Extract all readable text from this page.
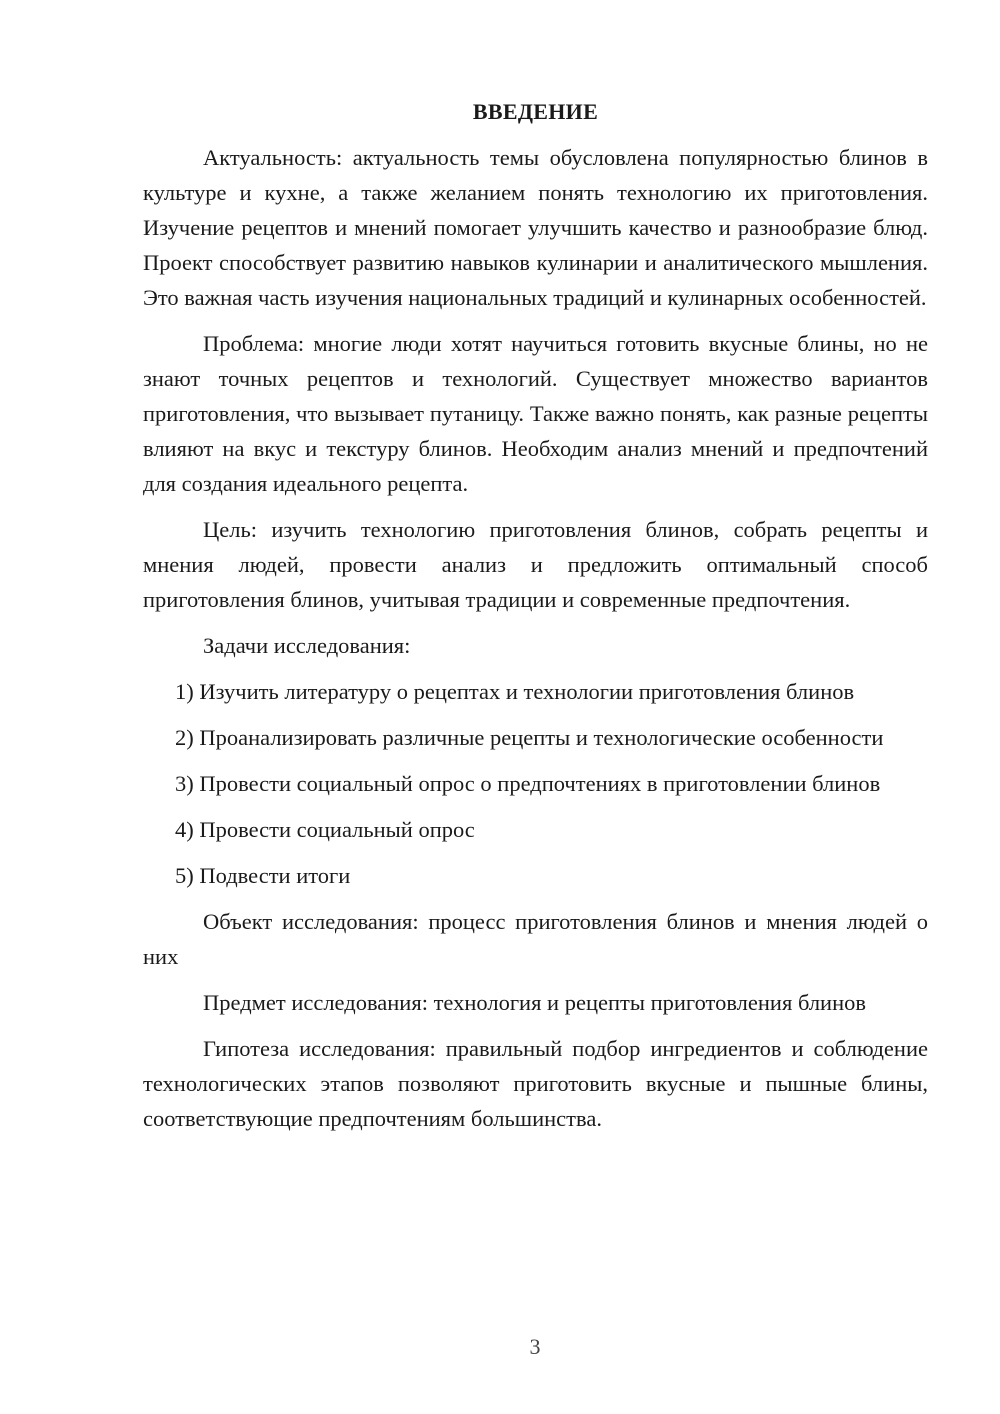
ВВЕДЕНИЕ
Актуальность: актуальность темы обусловлена популярностью блинов в культуре и кухне, а также желанием понять технологию их приготовления. Изучение рецептов и мнений помогает улучшить качество и разнообразие блюд. Проект способствует развитию навыков кулинарии и аналитического мышления. Это важная часть изучения национальных традиций и кулинарных особенностей.
Проблема: многие люди хотят научиться готовить вкусные блины, но не знают точных рецептов и технологий. Существует множество вариантов приготовления, что вызывает путаницу. Также важно понять, как разные рецепты влияют на вкус и текстуру блинов. Необходим анализ мнений и предпочтений для создания идеального рецепта.
Цель: изучить технологию приготовления блинов, собрать рецепты и мнения людей, провести анализ и предложить оптимальный способ приготовления блинов, учитывая традиции и современные предпочтения.
Задачи исследования:
1) Изучить литературу о рецептах и технологии приготовления блинов
2) Проанализировать различные рецепты и технологические особенности
3) Провести социальный опрос о предпочтениях в приготовлении блинов
4) Провести социальный опрос
5) Подвести итоги
Объект исследования: процесс приготовления блинов и мнения людей о них
Предмет исследования: технология и рецепты приготовления блинов
Гипотеза исследования: правильный подбор ингредиентов и соблюдение технологических этапов позволяют приготовить вкусные и пышные блины, соответствующие предпочтениям большинства.
3
